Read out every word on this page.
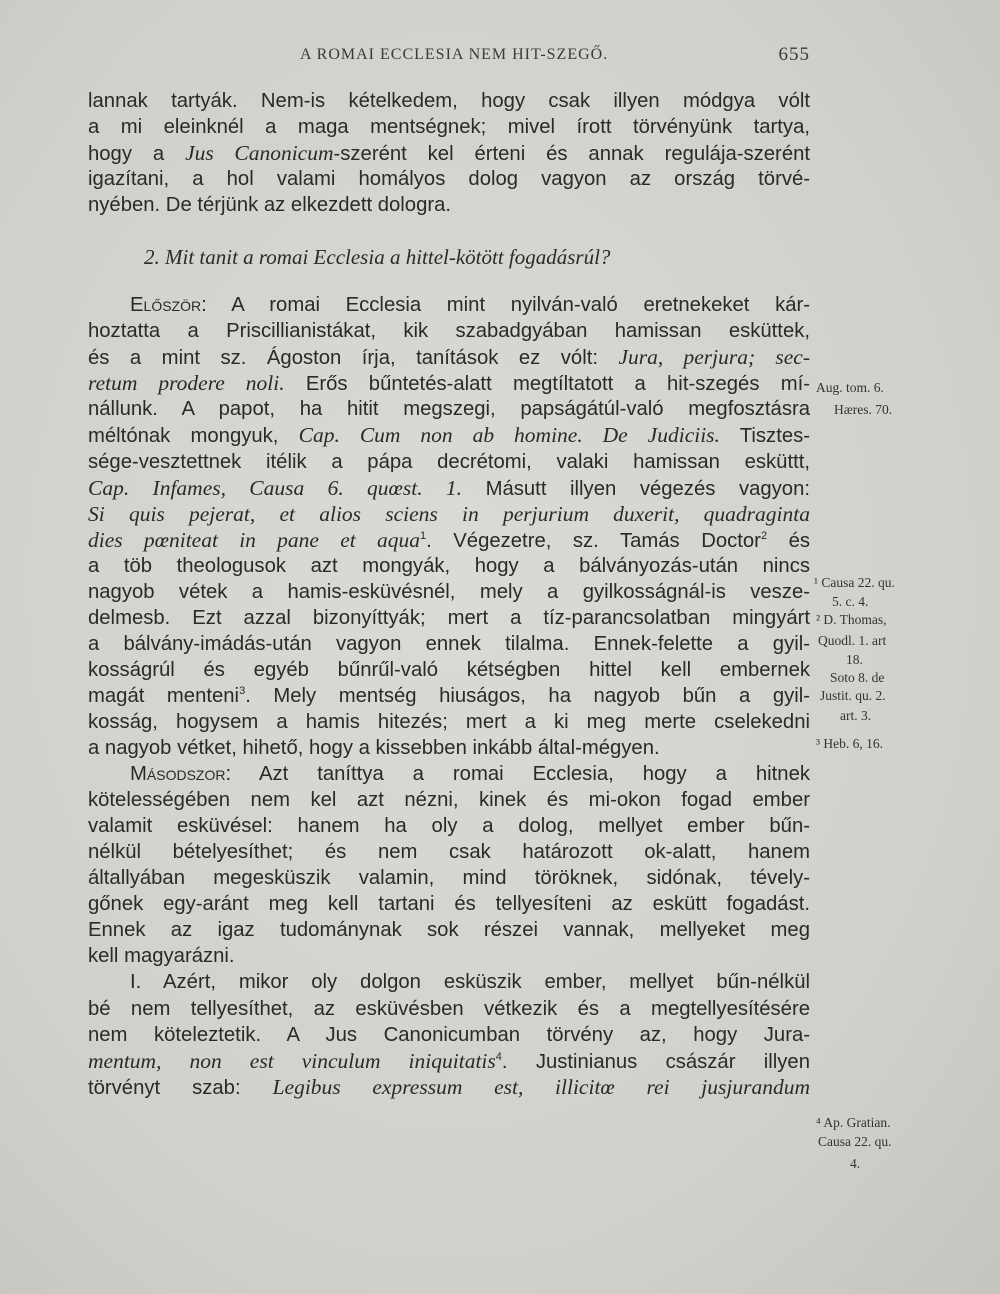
A ROMAI ECCLESIA NEM HIT-SZEGŐ.	655
lannak tartyák. Nem-is kételkedem, hogy csak illyen módgya vólt
a mi eleinknél a maga mentségnek; mivel írott törvényünk tartya,
hogy a Jus Canonicum-szerént kel érteni és annak regulája-szerént
igazítani, a hol valami homályos dolog vagyon az ország törvé-
nyében. De térjünk az elkezdett dologra.
2. Mit tanit a romai Ecclesia a hittel-kötött fogadásrúl?
Először: A romai Ecclesia mint nyilván-való eretnekeket kár-
hoztatta a Priscillianistákat, kik szabadgyában hamissan esküttek,
és a mint sz. Ágoston írja, tanítások ez vólt: Jura, perjura; sec-
retum prodere noli. Erős bűntetés-alatt megtíltatott a hit-szegés mí-
nállunk. A papot, ha hitit megszegi, papságátúl-való megfosztásra
méltónak mongyuk, Cap. Cum non ab homine. De Judiciis. Tisztes-
sége-vesztettnek itélik a pápa decrétomi, valaki hamissan esküttt,
Cap. Infames, Causa 6. quœst. 1. Másutt illyen végezés vagyon:
Si quis pejerat, et alios sciens in perjurium duxerit, quadraginta
dies pœniteat in pane et aqua$^1$. Végezetre, sz. Tamás Doctor$^2$ és
a töb theologusok azt mongyák, hogy a bálványozás-után nincs
nagyob vétek a hamis-esküvésnél, mely a gyilkosságnál-is vesze-
delmesb. Ezt azzal bizonyíttyák; mert a tíz-parancsolatban mingyárt
a bálvány-imádás-után vagyon ennek tilalma. Ennek-felette a gyil-
kosságrúl és egyéb bűnrűl-való kétségben hittel kell embernek
magát menteni$^3$. Mely mentség hiuságos, ha nagyob bűn a gyil-
kosság, hogysem a hamis hitezés; mert a ki meg merte cselekedni
a nagyob vétket, hihető, hogy a kissebben inkább által-mégyen.
Másodszor: Azt taníttya a romai Ecclesia, hogy a hitnek
kötelességében nem kel azt nézni, kinek és mi-okon fogad ember
valamit esküvésel: hanem ha oly a dolog, mellyet ember bűn-
nélkül bételyesíthet; és nem csak határozott ok-alatt, hanem
általlyában megesküszik valamin, mind töröknek, sidónak, tévely-
gőnek egy-aránt meg kell tartani és tellyesíteni az eskütt fogadást.
Ennek az igaz tudománynak sok részei vannak, mellyeket meg
kell magyarázni.
I. Azért, mikor oly dolgon esküszik ember, mellyet bűn-nélkül
bé nem tellyesíthet, az esküvésben vétkezik és a megtellyesítésére
nem köteleztetik. A Jus Canonicumban törvény az, hogy Jura-
mentum, non est vinculum iniquitatis$^4$. Justinianus császár illyen
törvényt szab: Legibus expressum est, illicitœ rei jusjurandum
Aug. tom. 6.
Hæres. 70.
¹ Causa 22. qu.
5. c. 4.
² D. Thomas,
Quodl. 1. art
18.
Soto 8. de
Justit. qu. 2.
art. 3.
³ Heb. 6, 16.
⁴ Ap. Gratian.
Causa 22. qu.
4.
